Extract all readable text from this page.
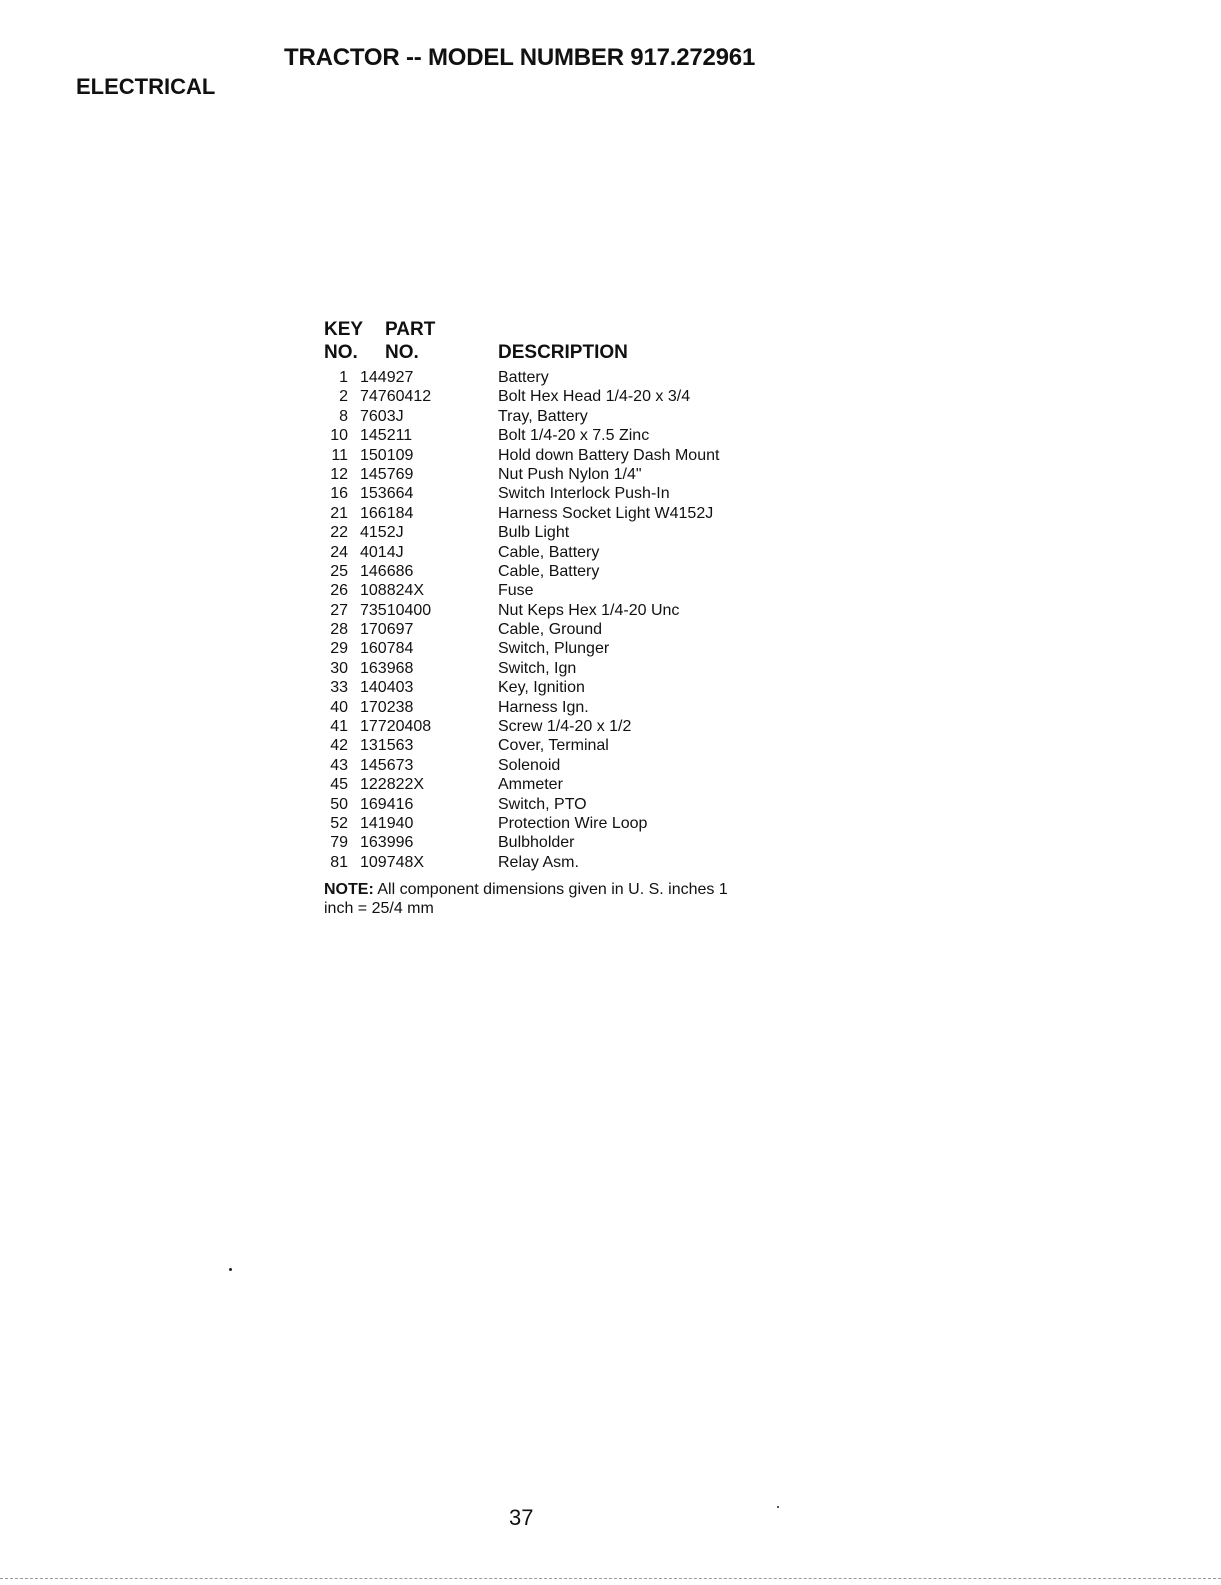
TRACTOR -- MODEL NUMBER 917.272961
ELECTRICAL
KEY
NO.
PART
NO.	DESCRIPTION
1 144927	Battery
2 74760412	Bolt Hex Head 1/4-20 x 3/4
8 7603J	Tray, Battery
10 145211	Bolt 1/4-20 x 7.5 Zinc
11 150109	Hold down Battery Dash Mount
12 145769	Nut Push Nylon 1/4"
16 153664	Switch Interlock Push-In
21 166184	Harness Socket Light W4152J
22 4152J	Bulb Light
24 4014J	Cable, Battery
25 146686	Cable, Battery
26 108824X	Fuse
27 73510400	Nut Keps Hex 1/4-20 Unc
28 170697	Cable, Ground
29 160784	Switch, Plunger
30 163968	Switch, Ign
33 140403	Key, Ignition
40 170238	Harness Ign.
41 17720408	Screw 1/4-20 x 1/2
42 131563	Cover, Terminal
43 145673	Solenoid
45 122822X	Ammeter
50 169416	Switch, PTO
52 141940	Protection Wire Loop
79 163996	Bulbholder
81 109748X	Relay Asm.
NOTE: All component dimensions given in U. S. inches 1 inch = 25/4 mm
37
